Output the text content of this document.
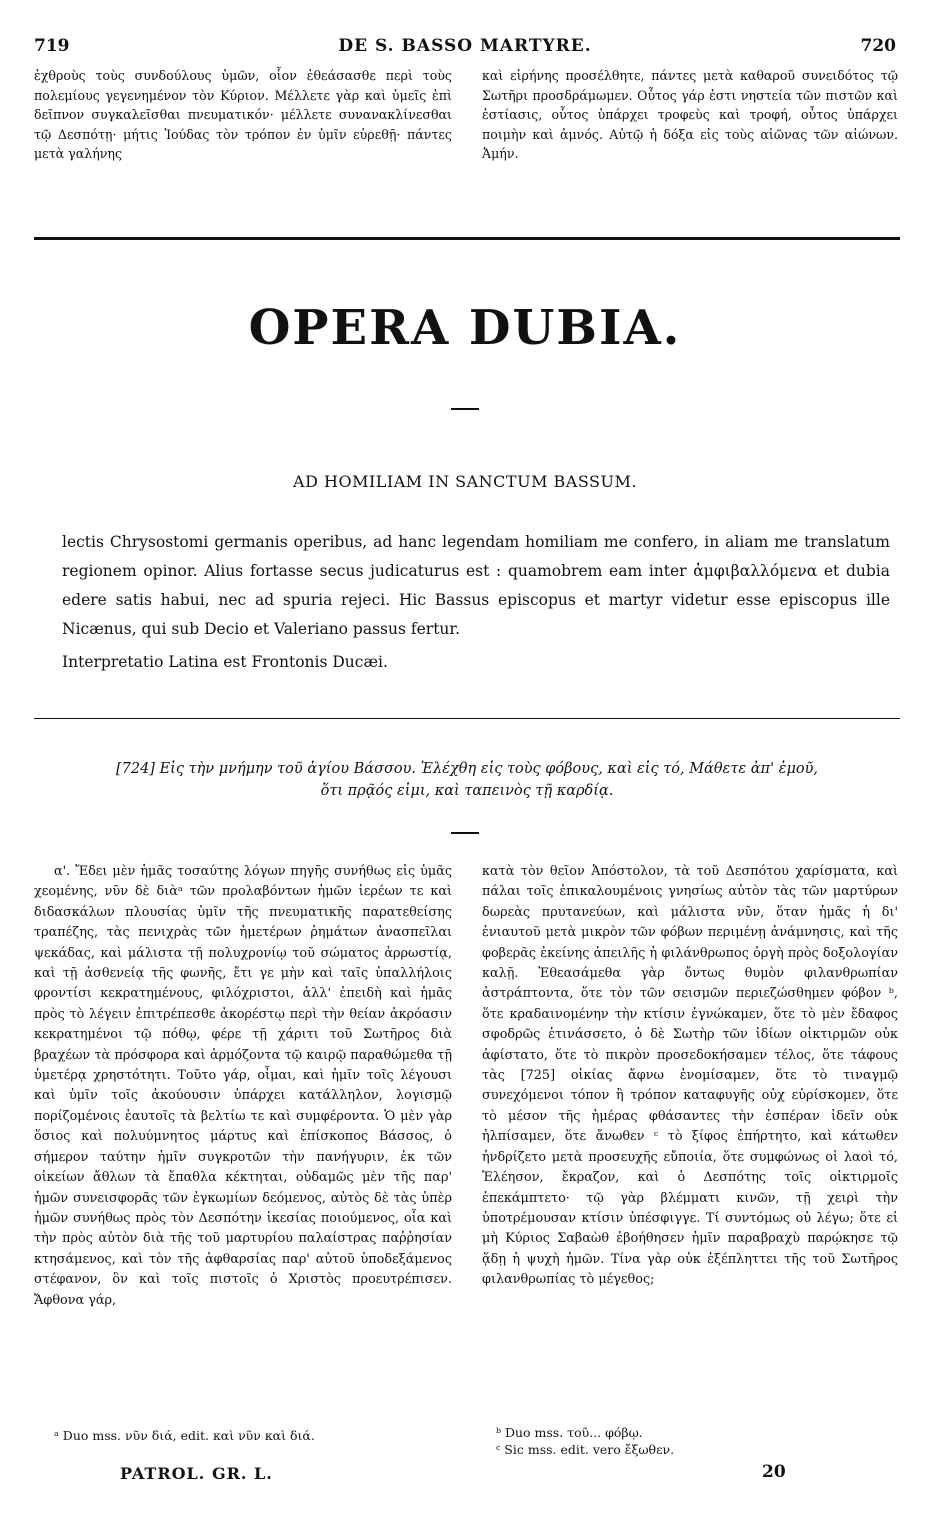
719	DE S. BASSO MARTYRE.	720
ἐχθροὺς τοὺς συνδούλους ὑμῶν, οἷον ἐθεάσασθε περὶ τοὺς πολεμίους γεγενημένον τὸν Κύριον. Μέλλετε γὰρ καὶ ὑμεῖς ἐπὶ δεῖπνον συγκαλεῖσθαι πνευματικόν· μέλλετε συνανακλίνεσθαι τῷ Δεσπότῃ· μήτις Ἰούδας τὸν τρόπον ἐν ὑμῖν εὑρεθῇ· πάντες μετὰ γαλήνης
καὶ εἰρήνης προσέλθητε, πάντες μετὰ καθαροῦ συνειδότος τῷ Σωτῆρι προσδράμωμεν. Οὗτος γάρ ἐστι νηστεία τῶν πιστῶν καὶ ἑστίασις, οὗτος ὑπάρχει τροφεὺς καὶ τροφή, οὗτος ὑπάρχει ποιμὴν καὶ ἀμνός. Αὐτῷ ἡ δόξα εἰς τοὺς αἰῶνας τῶν αἰώνων. Ἀμήν.
OPERA DUBIA.
AD HOMILIAM IN SANCTUM BASSUM.

lectis Chrysostomi germanis operibus, ad hanc legendam homiliam me confero, in aliam me translatum regionem opinor. Alius fortasse secus judicaturus est : quamobrem eam inter ἀμφιβαλλόμενα et dubia edere satis habui, nec ad spuria rejeci. Hic Bassus episcopus et martyr videtur esse episcopus ille Nicænus, qui sub Decio et Valeriano passus fertur.

Interpretatio Latina est Frontonis Ducæi.

[724] Εἰς τὴν μνήμην τοῦ ἁγίου Βάσσου. Ἐλέχθη εἰς τοὺς φόβους, καὶ εἰς τό, Μάθετε ἀπ' ἐμοῦ,
ὅτι πρᾷός εἰμι, καὶ ταπεινὸς τῇ καρδίᾳ.
α'. Ἔδει μὲν ἡμᾶς τοσαύτης λόγων πηγῆς συνήθως εἰς ὑμᾶς χεομένης, νῦν δὲ διὰᵃ τῶν προλαβόντων ἡμῶν ἱερέων τε καὶ διδασκάλων πλουσίας ὑμῖν τῆς πνευματικῆς παρατεθείσης τραπέζης, τὰς πενιχρὰς τῶν ἡμετέρων ῥημάτων ἀνασπεῖλαι ψεκάδας, καὶ μάλιστα τῇ πολυχρονίῳ τοῦ σώματος ἀρρωστίᾳ, καὶ τῇ ἀσθενείᾳ τῆς φωνῆς, ἔτι γε μὴν καὶ ταῖς ὑπαλλήλοις φροντίσι κεκρατημένους, φιλόχριστοι, ἀλλ' ἐπειδὴ καὶ ἡμᾶς πρὸς τὸ λέγειν ἐπιτρέπεσθε ἀκορέστῳ περὶ τὴν θείαν ἀκρόασιν κεκρατημένοι τῷ πόθῳ, φέρε τῇ χάριτι τοῦ Σωτῆρος διὰ βραχέων τὰ πρόσφορα καὶ ἁρμόζοντα τῷ καιρῷ παραθώμεθα τῇ ὑμετέρᾳ χρηστότητι. Τοῦτο γάρ, οἶμαι, καὶ ἡμῖν τοῖς λέγουσι καὶ ὑμῖν τοῖς ἀκούουσιν ὑπάρχει κατάλληλον, λογισμῷ πορίζομένοις ἑαυτοῖς τὰ βελτίω τε καὶ συμφέροντα. Ὁ μὲν γὰρ ὅσιος καὶ πολυύμνητος μάρτυς καὶ ἐπίσκοπος Βάσσος, ὁ σήμερον ταύτην ἡμῖν συγκροτῶν τὴν πανήγυριν, ἐκ τῶν οἰκείων ἄθλων τὰ ἔπαθλα κέκτηται, οὐδαμῶς μὲν τῆς παρ' ἡμῶν συνεισφορᾶς τῶν ἐγκωμίων δεόμενος, αὐτὸς δὲ τὰς ὑπὲρ ἡμῶν συνήθως πρὸς τὸν Δεσπότην ἱκεσίας ποιούμενος, οἷα καὶ τὴν πρὸς αὐτὸν διὰ τῆς τοῦ μαρτυρίου παλαίστρας παῤῥησίαν κτησάμενος, καὶ τὸν τῆς ἀφθαρσίας παρ' αὐτοῦ ὑποδεξάμενος στέφανον, ὃν καὶ τοῖς πιστοῖς ὁ Χριστὸς προευτρέπισεν. Ἄφθονα γάρ,
κατὰ τὸν θεῖον Ἀπόστολον, τὰ τοῦ Δεσπότου χαρίσματα, καὶ πάλαι τοῖς ἐπικαλουμένοις γνησίως αὐτὸν τὰς τῶν μαρτύρων δωρεὰς πρυτανεύων, καὶ μάλιστα νῦν, ὅταν ἡμᾶς ἡ δι' ἐνιαυτοῦ μετὰ μικρὸν τῶν φόβων περιμένῃ ἀνάμνησις, καὶ τῆς φοβερᾶς ἐκείνης ἀπειλῆς ἡ φιλάνθρωπος ὀργὴ πρὸς δοξολογίαν καλῇ. Ἐθεασάμεθα γὰρ ὄντως θυμὸν φιλανθρωπίαν ἀστράπτοντα, ὅτε τὸν τῶν σεισμῶν περιεζώσθημεν φόβον ᵇ, ὅτε κραδαινομένην τὴν κτίσιν ἐγνώκαμεν, ὅτε τὸ μὲν ἔδαφος σφοδρῶς ἐτινάσσετο, ὁ δὲ Σωτὴρ τῶν ἰδίων οἰκτιρμῶν οὐκ ἀφίστατο, ὅτε τὸ πικρὸν προσεδοκήσαμεν τέλος, ὅτε τάφους τὰς [725] οἰκίας ἄφνω ἐνομίσαμεν, ὅτε τὸ τιναγμῷ συνεχόμενοι τόπον ἢ τρόπον καταφυγῆς οὐχ εὑρίσκομεν, ὅτε τὸ μέσον τῆς ἡμέρας φθάσαντες τὴν ἑσπέραν ἰδεῖν οὐκ ἠλπίσαμεν, ὅτε ἄνωθεν ᶜ τὸ ξίφος ἐπήρτητο, καὶ κάτωθεν ἠνδρίζετο μετὰ προσευχῆς εὔποιία, ὅτε συμφώνως οἱ λαοὶ τό, Ἐλέησον, ἔκραζον, καὶ ὁ Δεσπότης τοῖς οἰκτιρμοῖς ἐπεκάμπτετο· τῷ γὰρ βλέμματι κινῶν, τῇ χειρὶ τὴν ὑποτρέμουσαν κτίσιν ὑπέσφιγγε. Τί συντόμως οὐ λέγω; ὅτε εἰ μὴ Κύριος Σαβαὼθ ἐβοήθησεν ἡμῖν παραβραχὺ παρῴκησε τῷ ᾅδῃ ἡ ψυχὴ ἡμῶν. Τίνα γὰρ οὐκ ἐξέπληττει τῆς τοῦ Σωτῆρος φιλανθρωπίας τὸ μέγεθος;
ᵃ Duo mss. νῦν διά, edit. καὶ νῦν καὶ διά.	ᵇ Duo mss. τοῦ... φόβῳ.
ᶜ Sic mss. edit. vero ἔξωθεν.
PATROL. GR. L.	20
